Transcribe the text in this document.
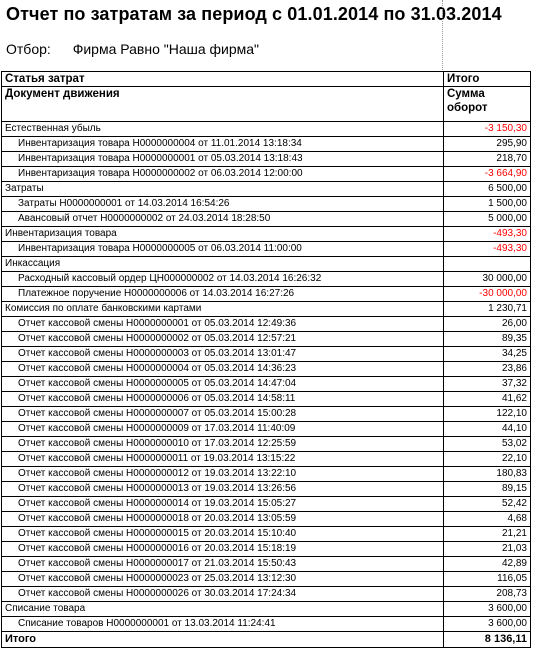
Отчет по затратам за период с 01.01.2014 по 31.03.2014
Отбор: Фирма Равно "Наша фирма"
Статья затрат	Итого
Документ движения	Сумма
оборот

Естественная убыль	-3 150,30
Инвентаризация товара Н0000000004 от 11.01.2014 13:18:34	295,90
Инвентаризация товара Н0000000001 от 05.03.2014 13:18:43	218,70
Инвентаризация товара Н0000000002 от 06.03.2014 12:00:00	-3 664,90
Затраты	6 500,00
Затраты Н0000000001 от 14.03.2014 16:54:26	1 500,00
Авансовый отчет Н0000000002 от 24.03.2014 18:28:50	5 000,00
Инвентаризация товара	-493,30
Инвентаризация товара Н0000000005 от 06.03.2014 11:00:00	-493,30
Инкассация	
Расходный кассовый ордер ЦН000000002 от 14.03.2014 16:26:32	30 000,00
Платежное поручение Н0000000006 от 14.03.2014 16:27:26	-30 000,00
Комиссия по оплате банковскими картами	1 230,71
Отчет кассовой смены Н0000000001 от 05.03.2014 12:49:36	26,00
Отчет кассовой смены Н0000000002 от 05.03.2014 12:57:21	89,35
Отчет кассовой смены Н0000000003 от 05.03.2014 13:01:47	34,25
Отчет кассовой смены Н0000000004 от 05.03.2014 14:36:23	23,86
Отчет кассовой смены Н0000000005 от 05.03.2014 14:47:04	37,32
Отчет кассовой смены Н0000000006 от 05.03.2014 14:58:11	41,62
Отчет кассовой смены Н0000000007 от 05.03.2014 15:00:28	122,10
Отчет кассовой смены Н0000000009 от 17.03.2014 11:40:09	44,10
Отчет кассовой смены Н0000000010 от 17.03.2014 12:25:59	53,02
Отчет кассовой смены Н0000000011 от 19.03.2014 13:15:22	22,10
Отчет кассовой смены Н0000000012 от 19.03.2014 13:22:10	180,83
Отчет кассовой смены Н0000000013 от 19.03.2014 13:26:56	89,15
Отчет кассовой смены Н0000000014 от 19.03.2014 15:05:27	52,42
Отчет кассовой смены Н0000000018 от 20.03.2014 13:05:59	4,68
Отчет кассовой смены Н0000000015 от 20.03.2014 15:10:40	21,21
Отчет кассовой смены Н0000000016 от 20.03.2014 15:18:19	21,03
Отчет кассовой смены Н0000000017 от 21.03.2014 15:50:43	42,89
Отчет кассовой смены Н0000000023 от 25.03.2014 13:12:30	116,05
Отчет кассовой смены Н0000000026 от 30.03.2014 17:24:34	208,73
Списание товара	3 600,00
Списание товаров Н0000000001 от 13.03.2014 11:24:41	3 600,00
Итого	8 136,11
